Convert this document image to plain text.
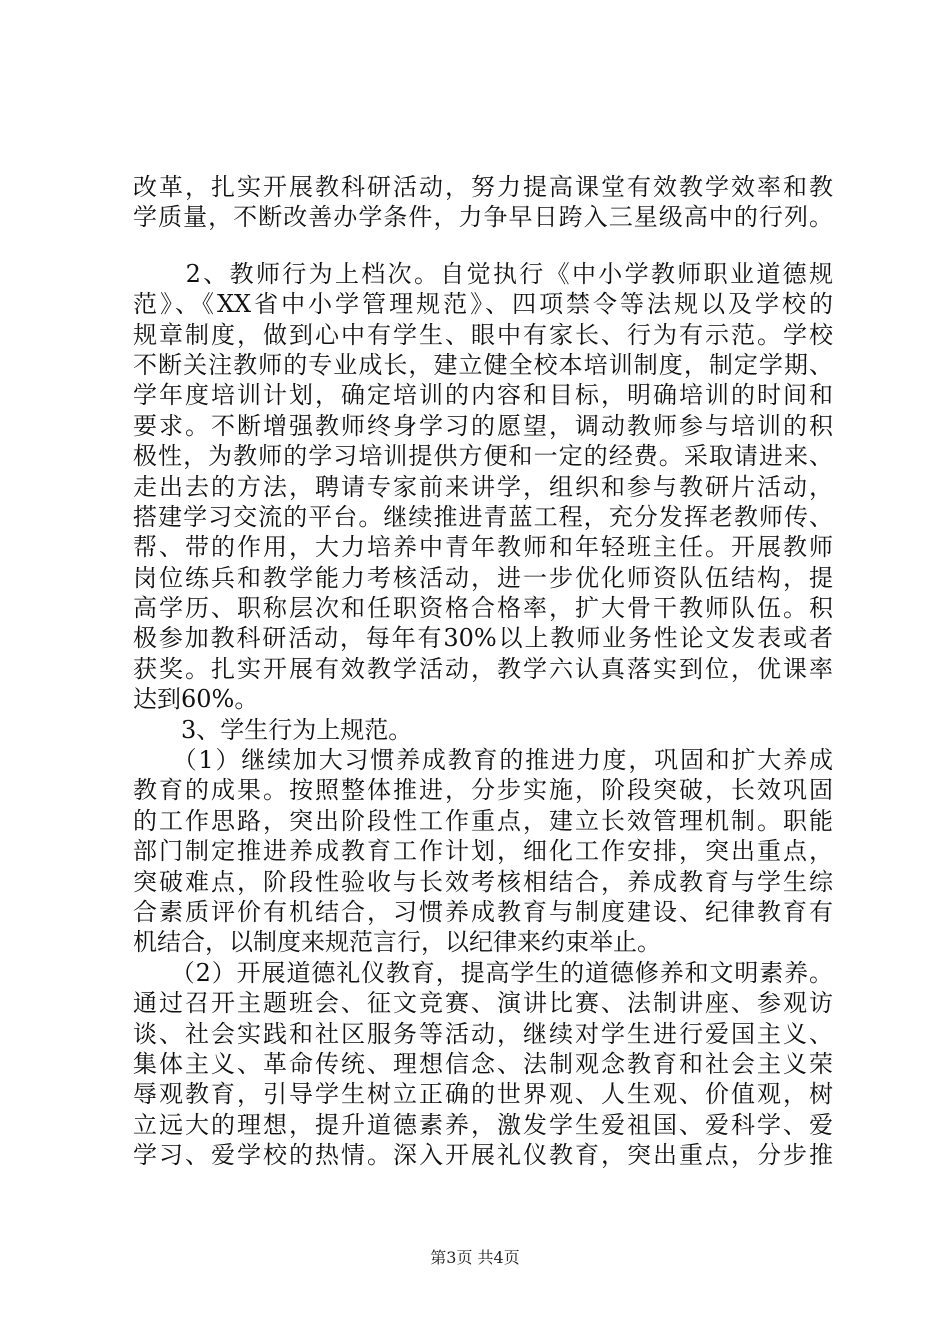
改革，扎实开展教科研活动，努力提高课堂有效教学效率和教
学质量，不断改善办学条件，力争早日跨入三星级高中的行列。
　　2、教师行为上档次。自觉执行《中小学教师职业道德规
范》、《XX省中小学管理规范》、四项禁令等法规以及学校的
规章制度，做到心中有学生、眼中有家长、行为有示范。学校
不断关注教师的专业成长，建立健全校本培训制度，制定学期、
学年度培训计划，确定培训的内容和目标，明确培训的时间和
要求。不断增强教师终身学习的愿望，调动教师参与培训的积
极性，为教师的学习培训提供方便和一定的经费。采取请进来、
走出去的方法，聘请专家前来讲学，组织和参与教研片活动，
搭建学习交流的平台。继续推进青蓝工程，充分发挥老教师传、
帮、带的作用，大力培养中青年教师和年轻班主任。开展教师
岗位练兵和教学能力考核活动，进一步优化师资队伍结构，提
高学历、职称层次和任职资格合格率，扩大骨干教师队伍。积
极参加教科研活动，每年有30%以上教师业务性论文发表或者
获奖。扎实开展有效教学活动，教学六认真落实到位，优课率
达到60%。
　　3、学生行为上规范。
　　（1）继续加大习惯养成教育的推进力度，巩固和扩大养成
教育的成果。按照整体推进，分步实施，阶段突破，长效巩固
的工作思路，突出阶段性工作重点，建立长效管理机制。职能
部门制定推进养成教育工作计划，细化工作安排，突出重点，
突破难点，阶段性验收与长效考核相结合，养成教育与学生综
合素质评价有机结合，习惯养成教育与制度建设、纪律教育有
机结合，以制度来规范言行，以纪律来约束举止。
　　（2）开展道德礼仪教育，提高学生的道德修养和文明素养。
通过召开主题班会、征文竞赛、演讲比赛、法制讲座、参观访
谈、社会实践和社区服务等活动，继续对学生进行爱国主义、
集体主义、革命传统、理想信念、法制观念教育和社会主义荣
辱观教育，引导学生树立正确的世界观、人生观、价值观，树
立远大的理想，提升道德素养，激发学生爱祖国、爱科学、爱
学习、爱学校的热情。深入开展礼仪教育，突出重点，分步推
第3页 共4页
